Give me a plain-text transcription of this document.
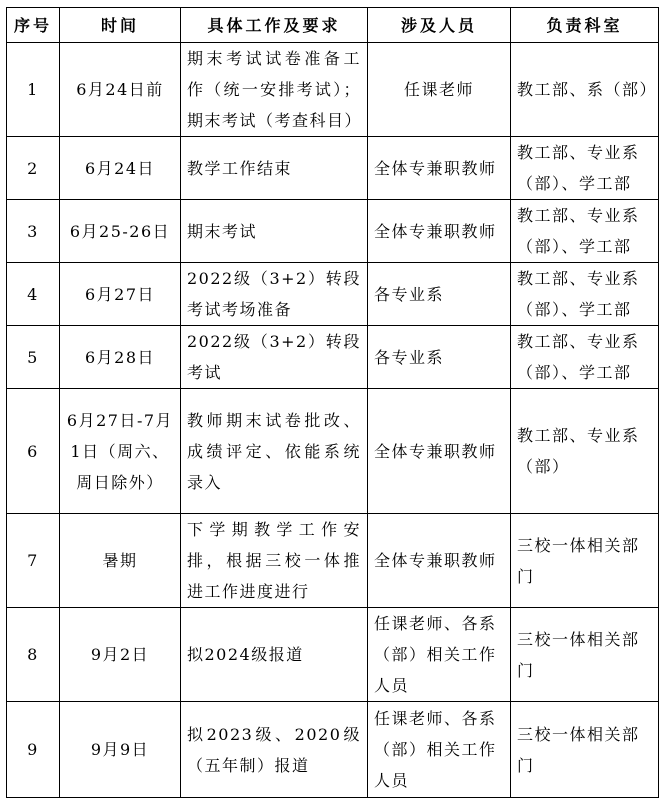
序号	时间	具体工作及要求	涉及人员	负责科室
1	6月24日前	期末考试试卷准备工作（统一安排考试）；期末考试（考查科目）	任课老师	教工部、系（部）
2	6月24日	教学工作结束	全体专兼职教师	教工部、专业系（部）、学工部
3	6月25-26日	期末考试	全体专兼职教师	教工部、专业系（部）、学工部
4	6月27日	2022级（3+2）转段考试考场准备	各专业系	教工部、专业系（部）、学工部
5	6月28日	2022级（3+2）转段考试	各专业系	教工部、专业系（部）、学工部
6	6月27日-7月1日（周六、周日除外）	教师期末试卷批改、成绩评定、依能系统录入	全体专兼职教师	教工部、专业系（部）
7	暑期	下学期教学工作安排，根据三校一体推进工作进度进行	全体专兼职教师	三校一体相关部门
8	9月2日	拟2024级报道	任课老师、各系（部）相关工作人员	三校一体相关部门
9	9月9日	拟2023级、2020级（五年制）报道	任课老师、各系（部）相关工作人员	三校一体相关部门
